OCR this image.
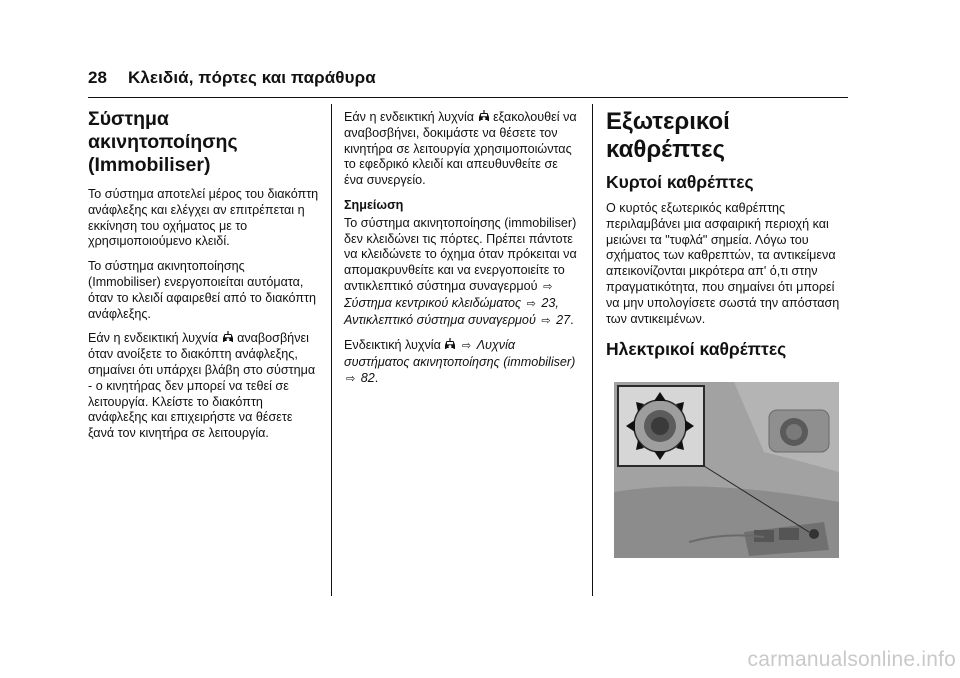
28 Κλειδιά, πόρτες και παράθυρα
Σύστημα ακινητοποίησης
(Immobiliser)

Το σύστημα αποτελεί μέρος του διακόπτη ανάφλεξης και ελέγχει αν επιτρέπεται η εκκίνηση του οχήματος με το χρησιμοποιούμενο κλειδί.

Το σύστημα ακινητοποίησης (Immobiliser) ενεργοποιείται αυτόματα, όταν το κλειδί αφαιρεθεί από το διακόπτη ανάφλεξης.

Εάν η ενδεικτική λυχνία αναβοσβήνει όταν ανοίξετε το διακόπτη ανάφλεξης, σημαίνει ότι υπάρχει βλάβη στο σύστημα - ο κινητήρας δεν μπορεί να τεθεί σε λειτουργία. Κλείστε το διακόπτη ανάφλεξης και επιχειρήστε να θέσετε ξανά τον κινητήρα σε λειτουργία.

Εάν η ενδεικτική λυχνία εξακολουθεί να αναβοσβήνει, δοκιμάστε να θέσετε τον κινητήρα σε λειτουργία χρησιμοποιώντας το εφεδρικό κλειδί και απευθυνθείτε σε ένα συνεργείο.

Σημείωση

Το σύστημα ακινητοποίησης (immobiliser) δεν κλειδώνει τις πόρτες. Πρέπει πάντοτε να κλειδώνετε το όχημα όταν πρόκειται να απομακρυνθείτε και να ενεργοποιείτε το αντικλεπτικό σύστημα συναγερμού ⇨ Σύστημα κεντρικού κλειδώματος ⇨ 23, Αντικλεπτικό σύστημα συναγερμού ⇨ 27.

Ενδεικτική λυχνία ⇨ Λυχνία συστήματος ακινητοποίησης (immobiliser) ⇨ 82.

Εξωτερικοί καθρέπτες
Κυρτοί καθρέπτες

Ο κυρτός εξωτερικός καθρέπτης περιλαμβάνει μια ασφαιρική περιοχή και μειώνει τα "τυφλά" σημεία. Λόγω του σχήματος των καθρεπτών, τα αντικείμενα απεικονίζονται μικρότερα απ' ό,τι στην πραγματικότητα, που σημαίνει ότι μπορεί να μην υπολογίσετε σωστά την απόσταση των αντικειμένων.

Ηλεκτρικοί καθρέπτες
carmanualsonline.info
